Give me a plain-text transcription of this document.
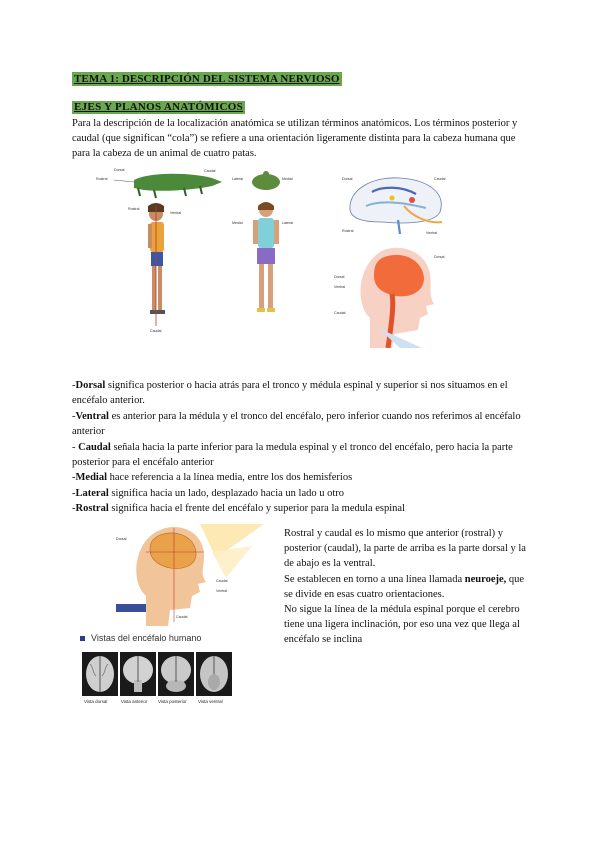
TEMA 1: DESCRIPCIÓN DEL SISTEMA NERVIOSO
EJES Y PLANOS ANATÓMICOS

Para la descripción de la localización anatómica se utilizan términos anatómicos. Los términos posterior y caudal (que significan “cola”) se refiere a una orientación ligeramente distinta para la cabeza humana que para la cabeza de un animal de cuatro patas.

Rostral
Dorsal	Caudal
Rostral
Ventral
Caudal
Lateral	Medial
Medial	Lateral
Dorsal	Caudal
Rostral	Ventral
Dorsal
Ventral
Caudal
Dorsal

-Dorsal significa posterior o hacia atrás para el tronco y médula espinal y superior si nos situamos en el encéfalo anterior.

-Ventral es anterior para la médula y el tronco del encéfalo, pero inferior cuando nos referimos al encéfalo anterior

- Caudal señala hacia la parte inferior para la medula espinal y el tronco del encéfalo, pero hacia la parte posterior para el encéfalo anterior

-Medial hace referencia a la línea media, entre los dos hemisferios

-Lateral significa hacia un lado, desplazado hacia un lado u otro

-Rostral significa hacia el frente del encéfalo y superior para la medula espinal

Dorsal
Caudal
Ventral
Caudal

Rostral y caudal es lo mismo que anterior (rostral) y posterior (caudal), la parte de arriba es la parte dorsal y la de abajo es la ventral.

Se establecen en torno a una línea llamada neuroeje, que se divide en esas cuatro orientaciones.

No sigue la línea de la médula espinal porque el cerebro tiene una ligera inclinación, por eso una vez que llega al encéfalo se inclina

Vistas del encéfalo humano
Vista dorsal	Vista anterior Vista posterior	Vista ventral
